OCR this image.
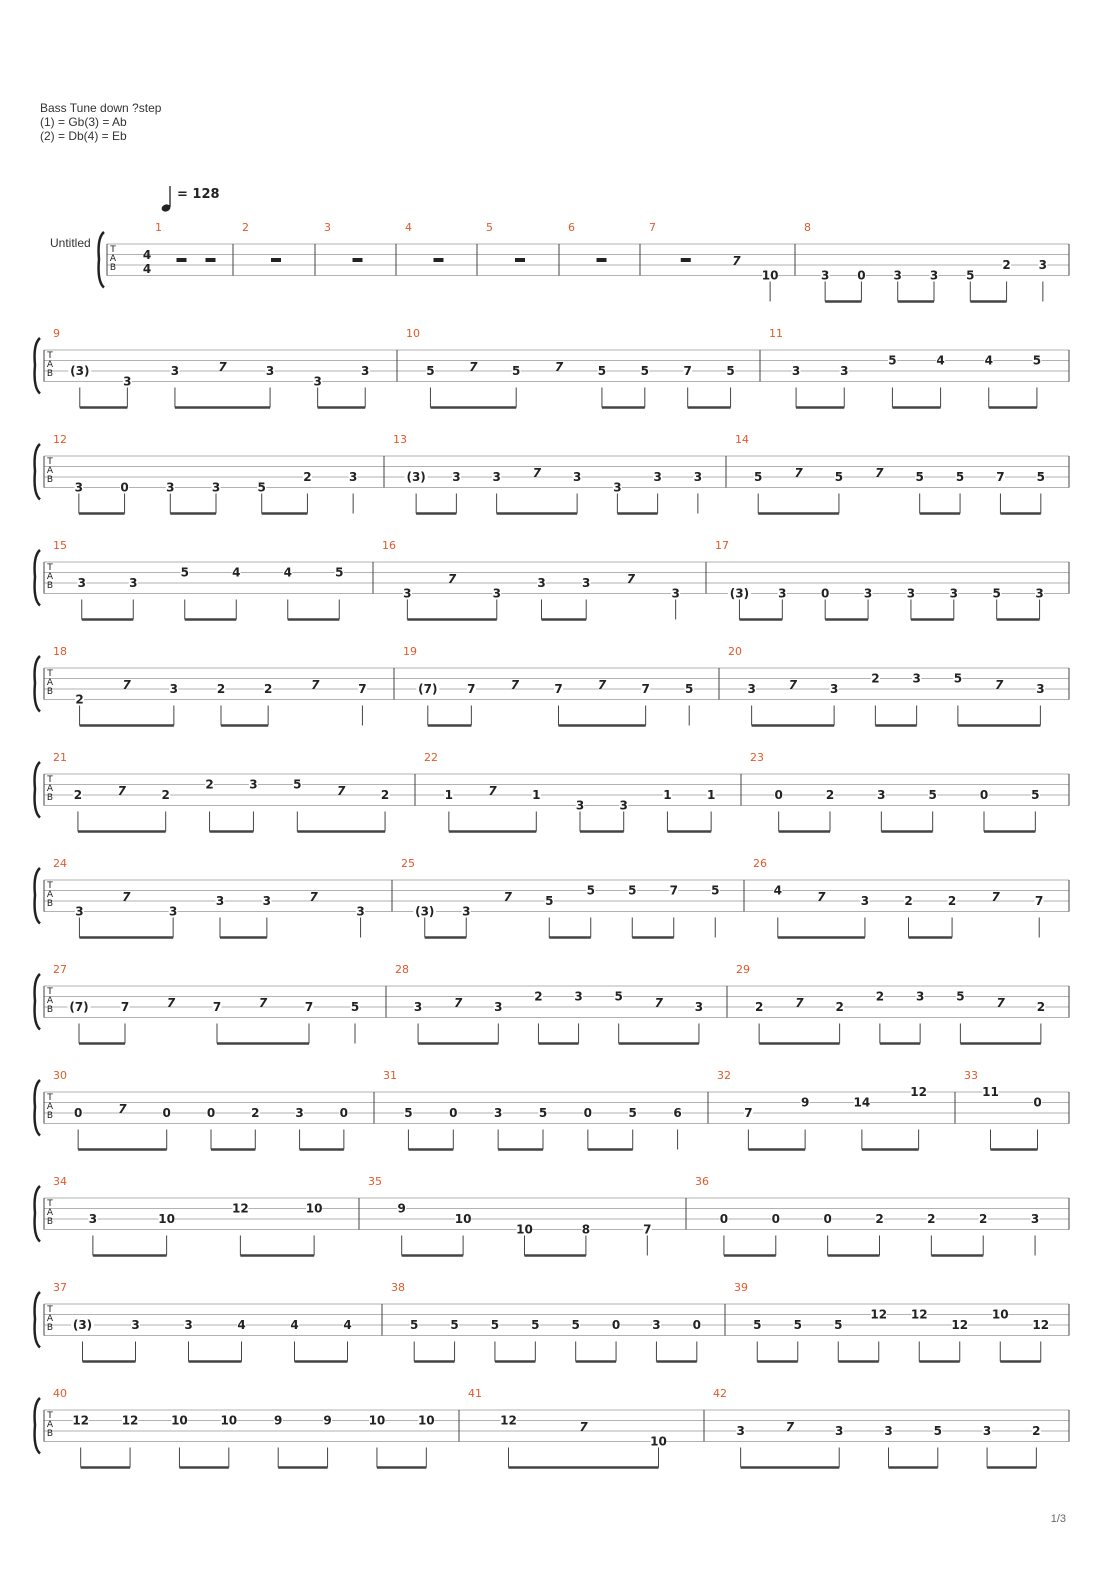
Bass Tune down ?step
(1) = Gb(3) = Ab
(2) = Db(4) = Eb
= 128
Untitled
1/3
T
A
B
4
4
1	2	3	4	5	6	7
7
10
8
3 0 3 3 5
2 3
T
A
B
9
(3)
3
3	7	3
3
3
10
5	7	5	7	5	5	7	5
11
3	3
5	4	4	5
T
A
B
12
3	0	3	3	5
2	3
13
(3) 3	3	7	3
3
3	3
14
5	7	5	7	5	5	7	5
T
A
B
15
3	3
5	4	4	5
16
3
7
3
3	3	7
3
17
(3) 3	0	3	3	3	5	3
T
A
B
18
2
7	3	2	2	7	7
19
(7) 7	7	7	7	7	5
20
3	7	3
2	3	5	7	3
T
A
B
21
2	7	2
2	3	5	7	2
22
1	7	1
3	3
1	1
23
0	2	3	5	0	5
T
A
B
24
3
7
3
3	3	7
3
25
(3) 3
7	5
5	5	7	5
26
4	7	3	2	2	7	7
T
A
B
27
(7)	7	7	7	7	7	5
28
3	7	3
2	3	5	7	3
29
2	7	2
2	3	5	7	2
T
A
B
30
0	7	0	0	2	3	0
31
5	0	3	5	0	5	6
32
7
9	14
12
33
11
0
T
A
B
34
3	10
12	10
35
9
10
10	8	7
36
0	0	0	2	2	2	3
T
A
B
37
(3)	3	3	4	4	4
38
5	5	5	5	5	0	3	0
39
5	5	5
12 12
12
10
12
T
A
B
40
12	12	10	10	9	9	10	10
41
12	7
10
42
3	7	3	3	5	3	2
